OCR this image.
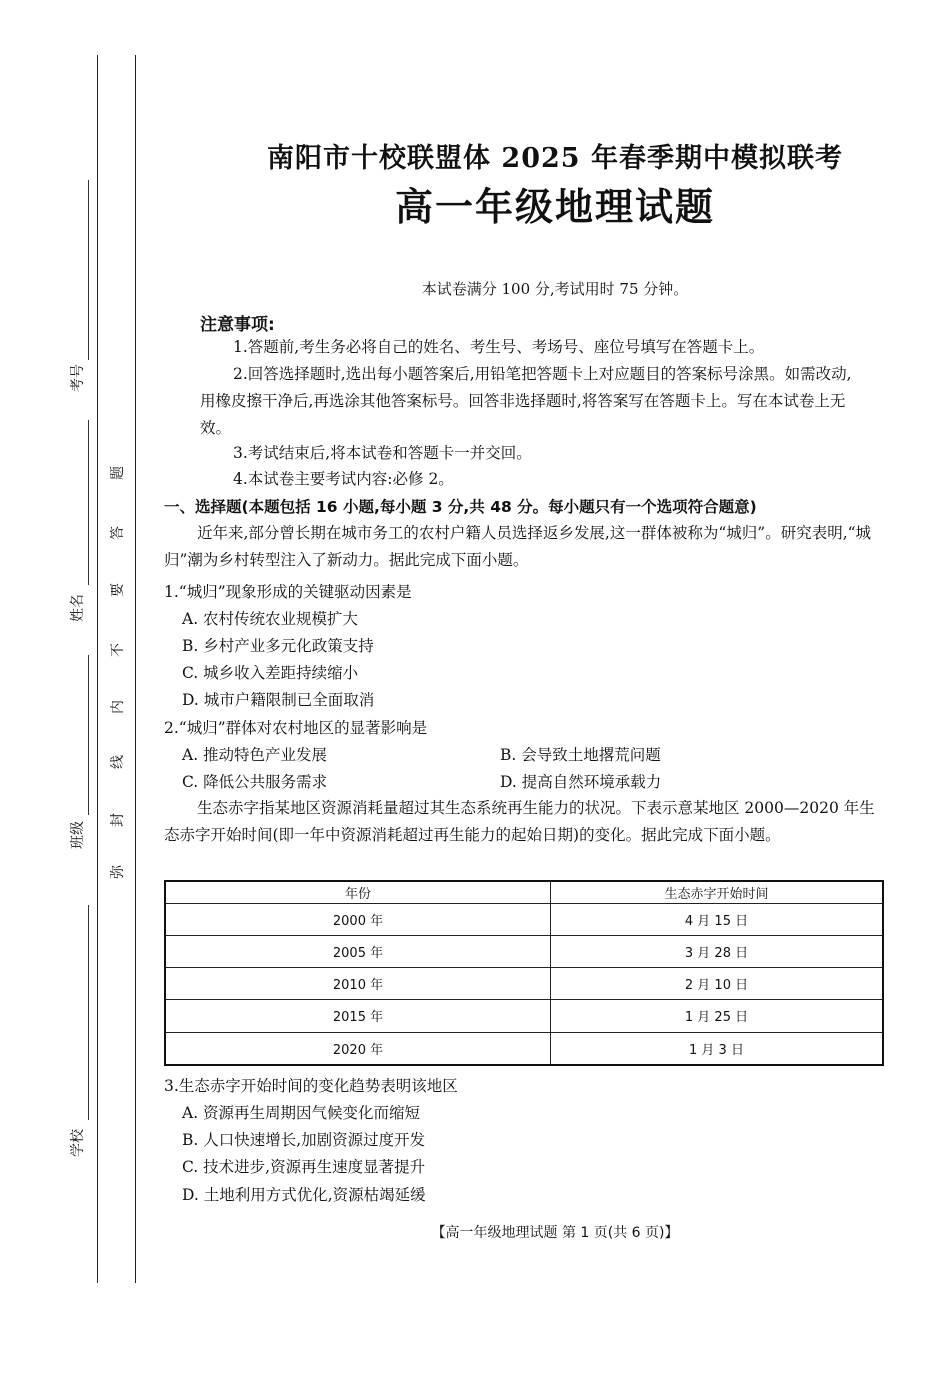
考号
姓名
班级
学校
题
答
要
不
内
线
封
弥
南阳市十校联盟体 2025 年春季期中模拟联考
高一年级地理试题
本试卷满分 100 分,考试用时 75 分钟。
注意事项:
1.答题前,考生务必将自己的姓名、考生号、考场号、座位号填写在答题卡上。
2.回答选择题时,选出每小题答案后,用铅笔把答题卡上对应题目的答案标号涂黑。如需改动,用橡皮擦干净后,再选涂其他答案标号。回答非选择题时,将答案写在答题卡上。写在本试卷上无效。
3.考试结束后,将本试卷和答题卡一并交回。
4.本试卷主要考试内容:必修 2。
一、选择题(本题包括 16 小题,每小题 3 分,共 48 分。每小题只有一个选项符合题意)
近年来,部分曾长期在城市务工的农村户籍人员选择返乡发展,这一群体被称为“城归”。研究表明,“城归”潮为乡村转型注入了新动力。据此完成下面小题。
1.“城归”现象形成的关键驱动因素是
A. 农村传统农业规模扩大
B. 乡村产业多元化政策支持
C. 城乡收入差距持续缩小
D. 城市户籍限制已全面取消
2.“城归”群体对农村地区的显著影响是
A. 推动特色产业发展	B. 会导致土地撂荒问题
C. 降低公共服务需求	D. 提高自然环境承载力
生态赤字指某地区资源消耗量超过其生态系统再生能力的状况。下表示意某地区 2000—2020 年生态赤字开始时间(即一年中资源消耗超过再生能力的起始日期)的变化。据此完成下面小题。
年份	生态赤字开始时间
2000 年	4 月 15 日
2005 年	3 月 28 日
2010 年	2 月 10 日
2015 年	1 月 25 日
2020 年	1 月 3 日
3.生态赤字开始时间的变化趋势表明该地区
A. 资源再生周期因气候变化而缩短
B. 人口快速增长,加剧资源过度开发
C. 技术进步,资源再生速度显著提升
D. 土地利用方式优化,资源枯竭延缓
【高一年级地理试题 第 1 页(共 6 页)】
